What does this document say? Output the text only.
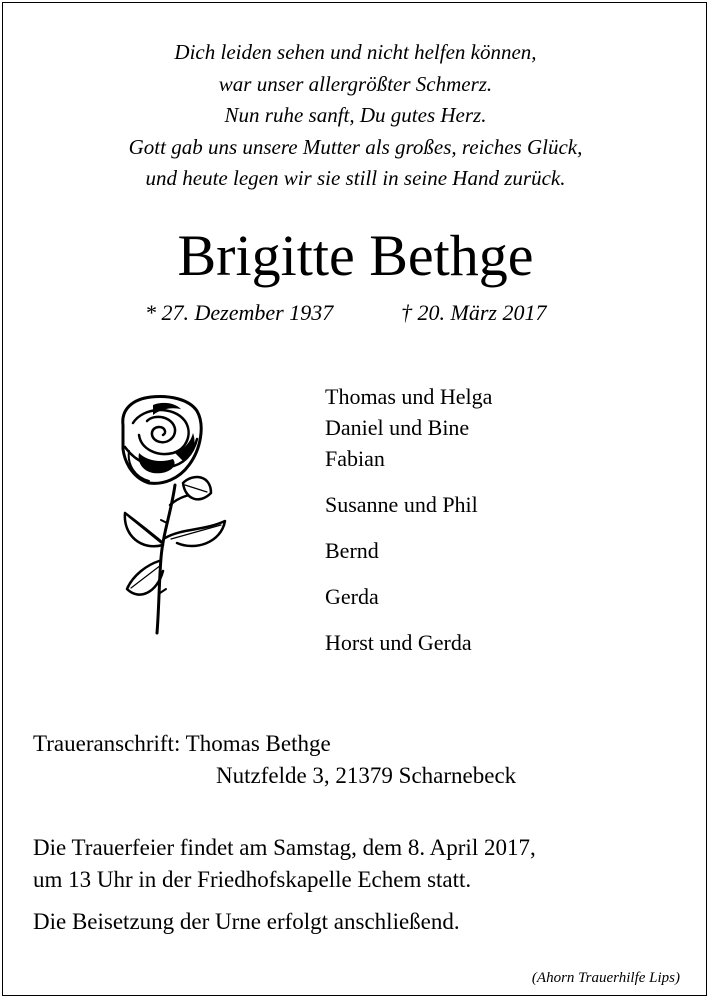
Dich leiden sehen und nicht helfen können,
war unser allergrößter Schmerz.
Nun ruhe sanft, Du gutes Herz.
Gott gab uns unsere Mutter als großes, reiches Glück,
und heute legen wir sie still in seine Hand zurück.
Brigitte Bethge
* 27. Dezember 1937	† 20. März 2017
Thomas und Helga
Daniel und Bine
Fabian
Susanne und Phil
Bernd
Gerda
Horst und Gerda
Traueranschrift: Thomas Bethge
Nutzfelde 3, 21379 Scharnebeck
Die Trauerfeier findet am Samstag, dem 8. April 2017,
um 13 Uhr in der Friedhofskapelle Echem statt.
Die Beisetzung der Urne erfolgt anschließend.
(Ahorn Trauerhilfe Lips)
